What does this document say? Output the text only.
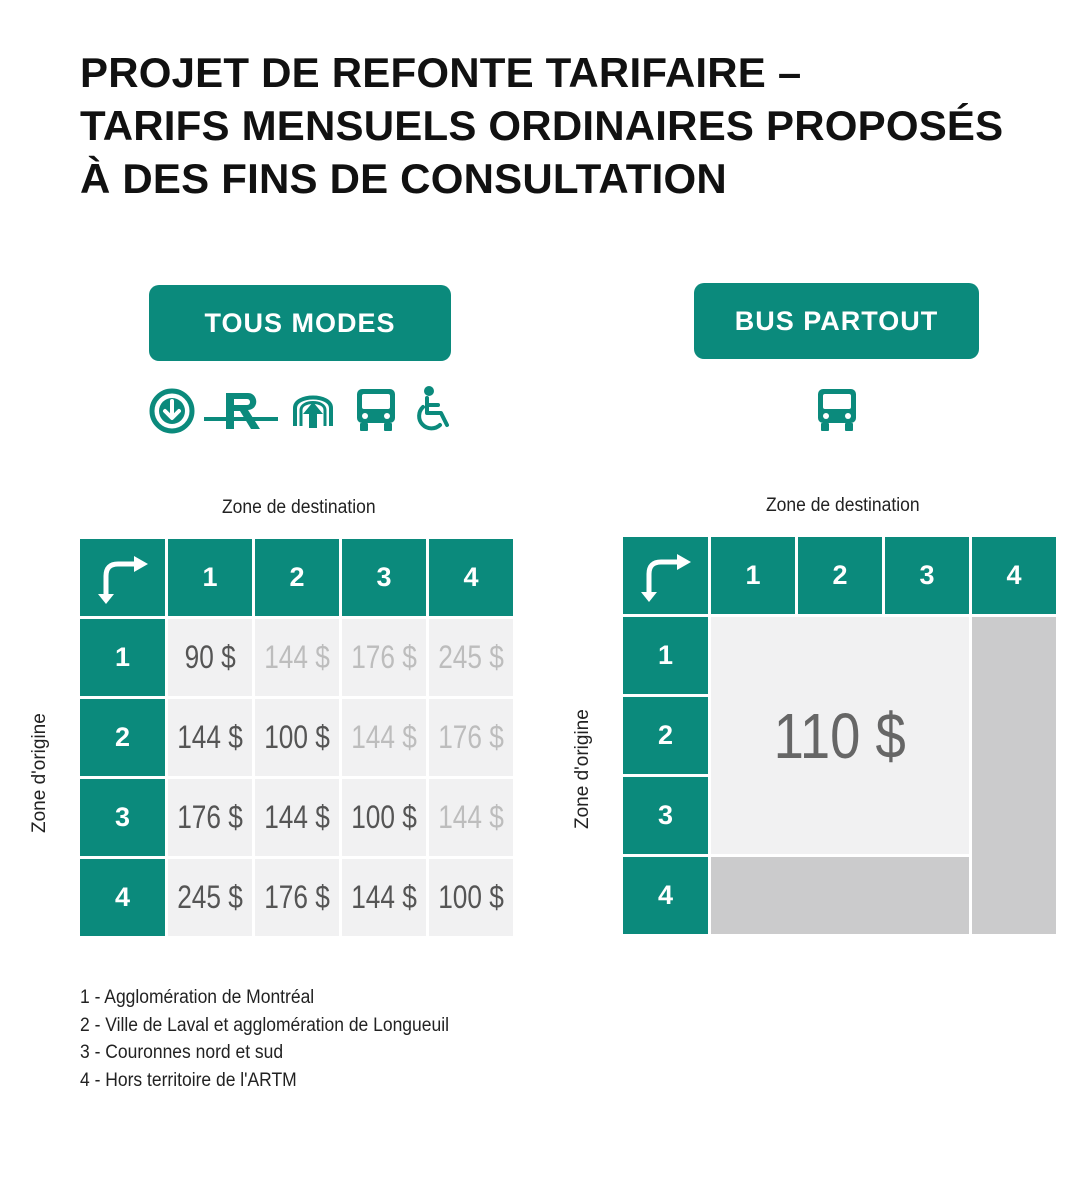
PROJET DE REFONTE TARIFAIRE –
TARIFS MENSUELS ORDINAIRES PROPOSÉS
À DES FINS DE CONSULTATION
TOUS MODES	BUS PARTOUT
Zone de destination	Zone de destination
Zone d'origine	Zone d'origine
1	2	3	4
1	90 $ 144 $ 176 $ 245 $
2	144 $ 100 $ 144 $ 176 $
3	176 $ 144 $ 100 $ 144 $
4	245 $ 176 $ 144 $ 100 $
1	2	3	4
1
2
3
4
110 $
1 - Agglomération de Montréal
2 - Ville de Laval et agglomération de Longueuil
3 - Couronnes nord et sud
4 - Hors territoire de l'ARTM
